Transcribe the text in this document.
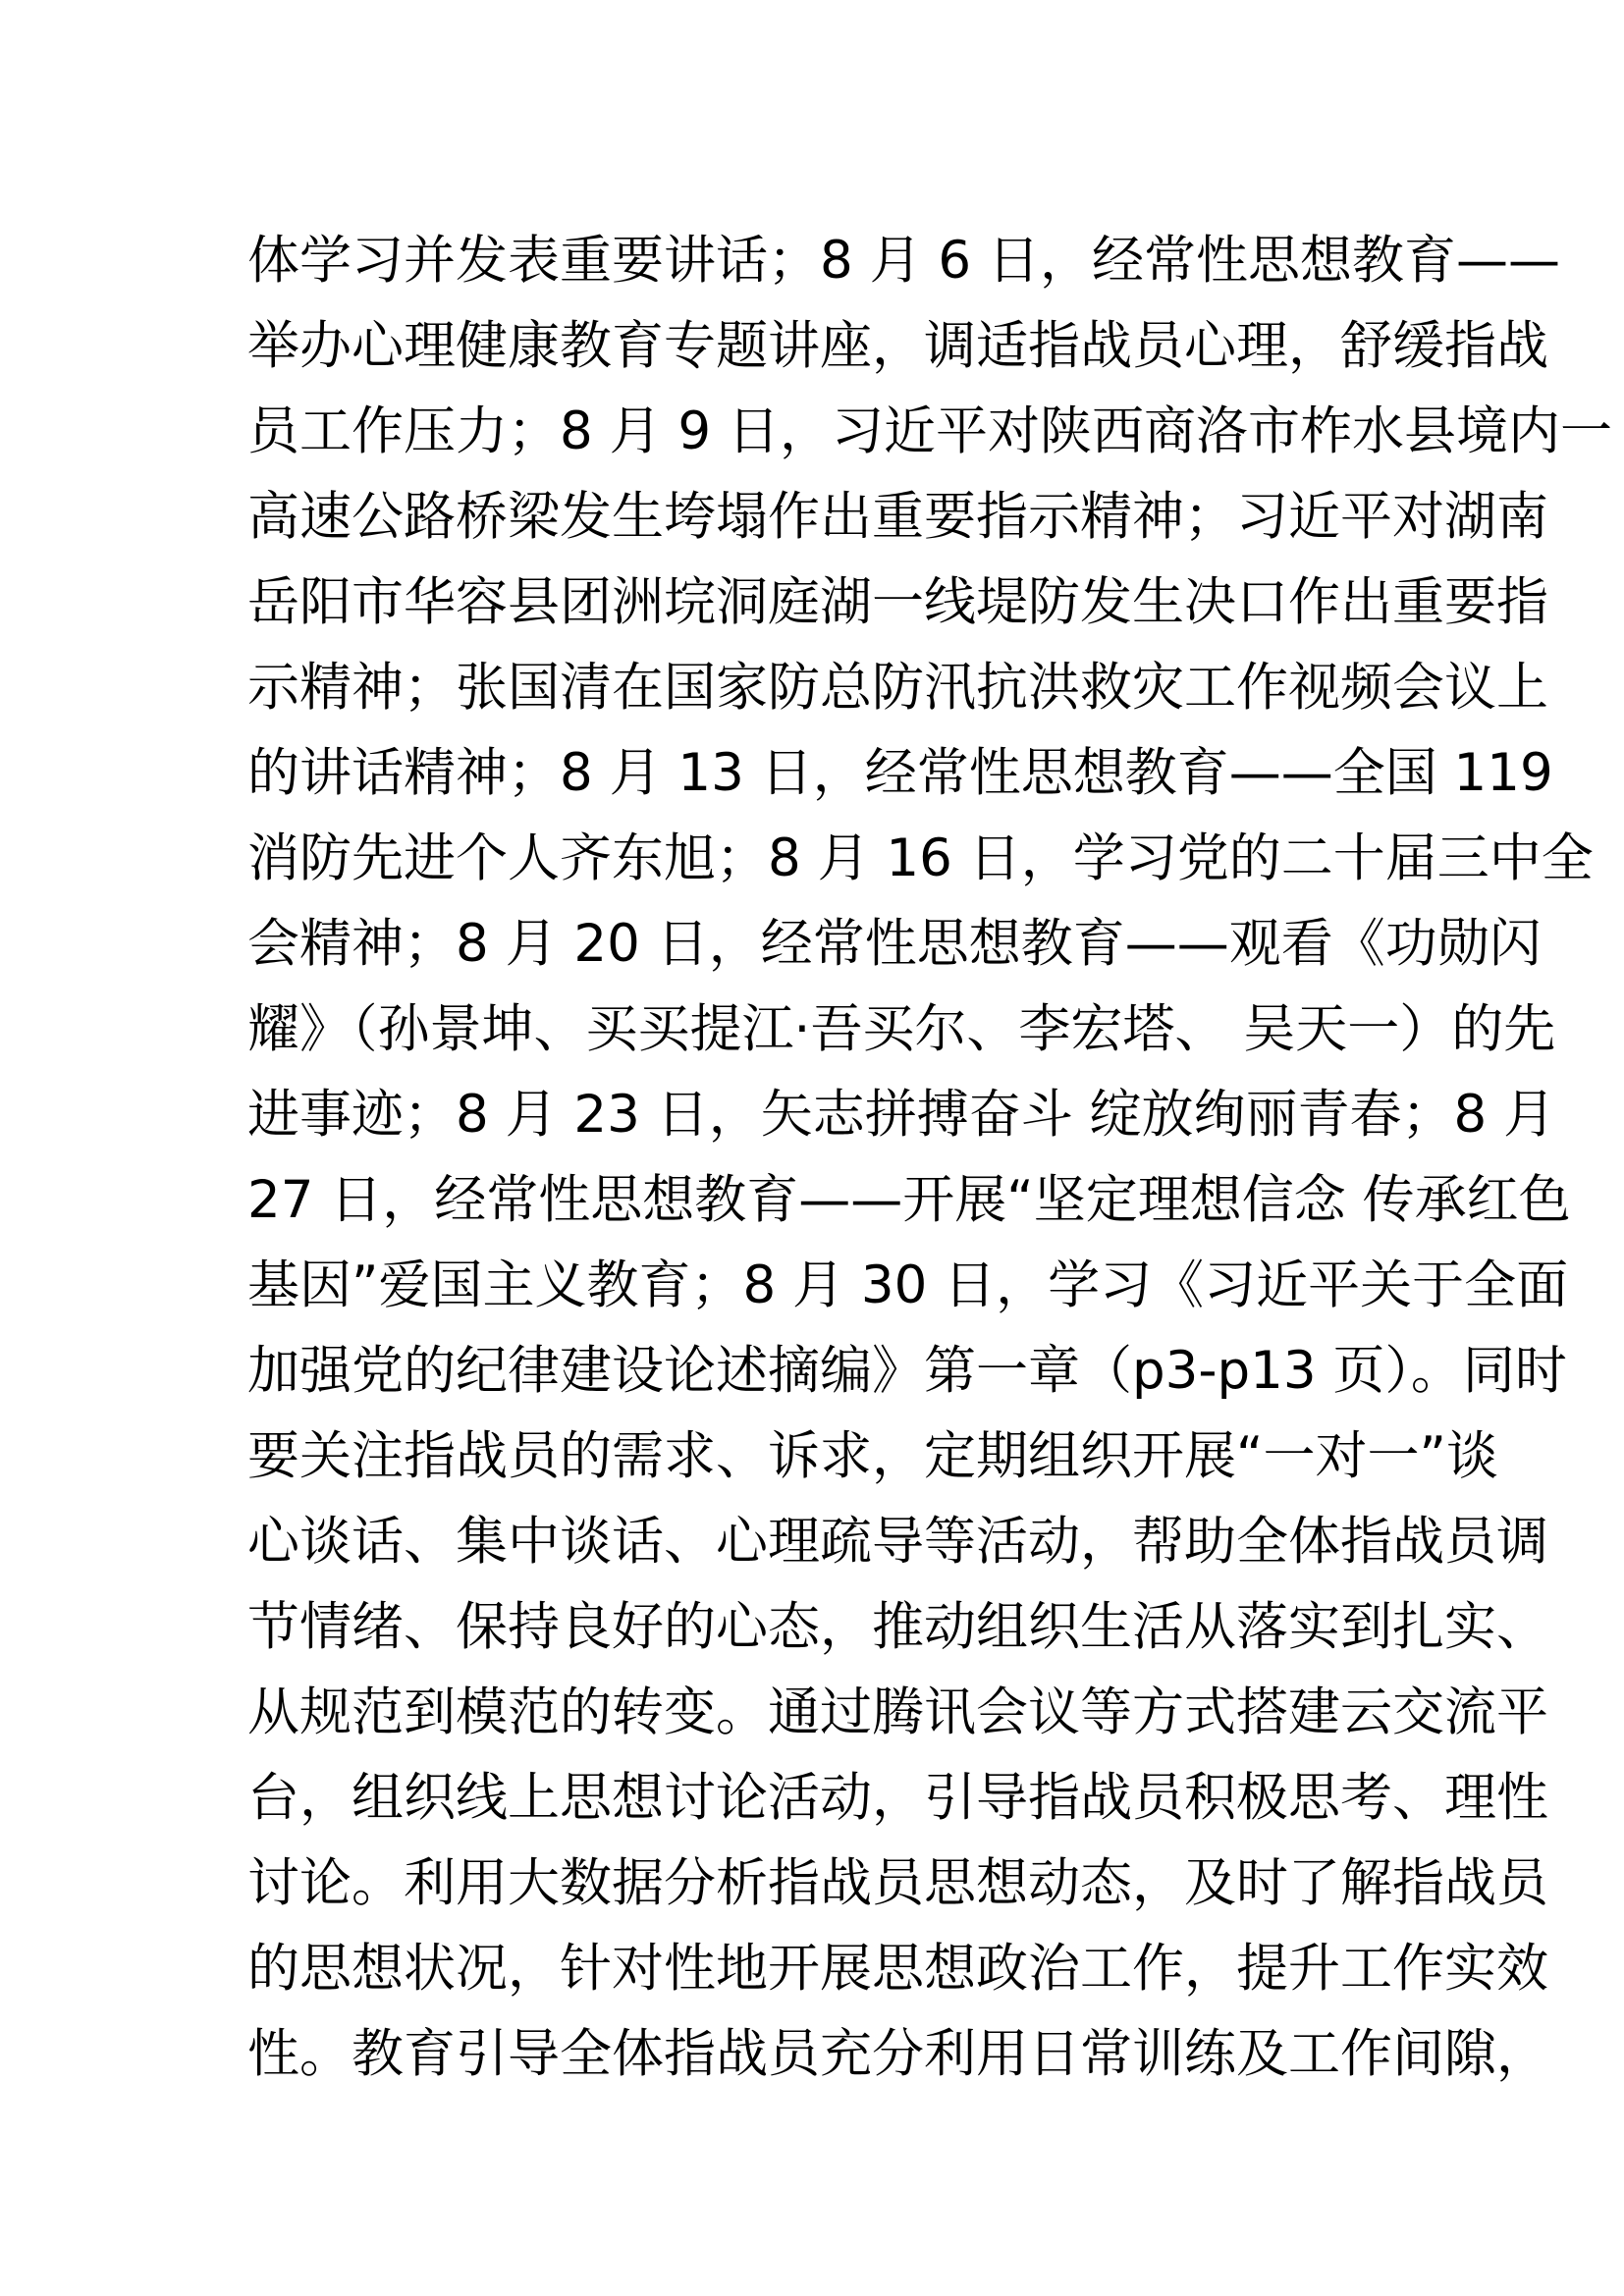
体学习并发表重要讲话；8 月 6 日，经常性思想教育——
举办心理健康教育专题讲座，调适指战员心理，舒缓指战
员工作压力；8 月 9 日，习近平对陕西商洛市柞水县境内一
高速公路桥梁发生垮塌作出重要指示精神；习近平对湖南
岳阳市华容县团洲垸洞庭湖一线堤防发生决口作出重要指
示精神；张国清在国家防总防汛抗洪救灾工作视频会议上
的讲话精神；8 月 13 日，经常性思想教育——全国 119
消防先进个人齐东旭；8 月 16 日，学习党的二十届三中全
会精神；8 月 20 日，经常性思想教育——观看《功勋闪
耀》（孙景坤、买买提江·吾买尔、李宏塔、 吴天一）的先
进事迹；8 月 23 日，矢志拼搏奋斗 绽放绚丽青春；8 月
27 日，经常性思想教育——开展“坚定理想信念 传承红色
基因”爱国主义教育；8 月 30 日，学习《习近平关于全面
加强党的纪律建设论述摘编》第一章（p3-p13 页）。同时
要关注指战员的需求、诉求，定期组织开展“一对一”谈
心谈话、集中谈话、心理疏导等活动，帮助全体指战员调
节情绪、保持良好的心态，推动组织生活从落实到扎实、
从规范到模范的转变。通过腾讯会议等方式搭建云交流平
台，组织线上思想讨论活动，引导指战员积极思考、理性
讨论。利用大数据分析指战员思想动态，及时了解指战员
的思想状况，针对性地开展思想政治工作，提升工作实效
性。教育引导全体指战员充分利用日常训练及工作间隙，
